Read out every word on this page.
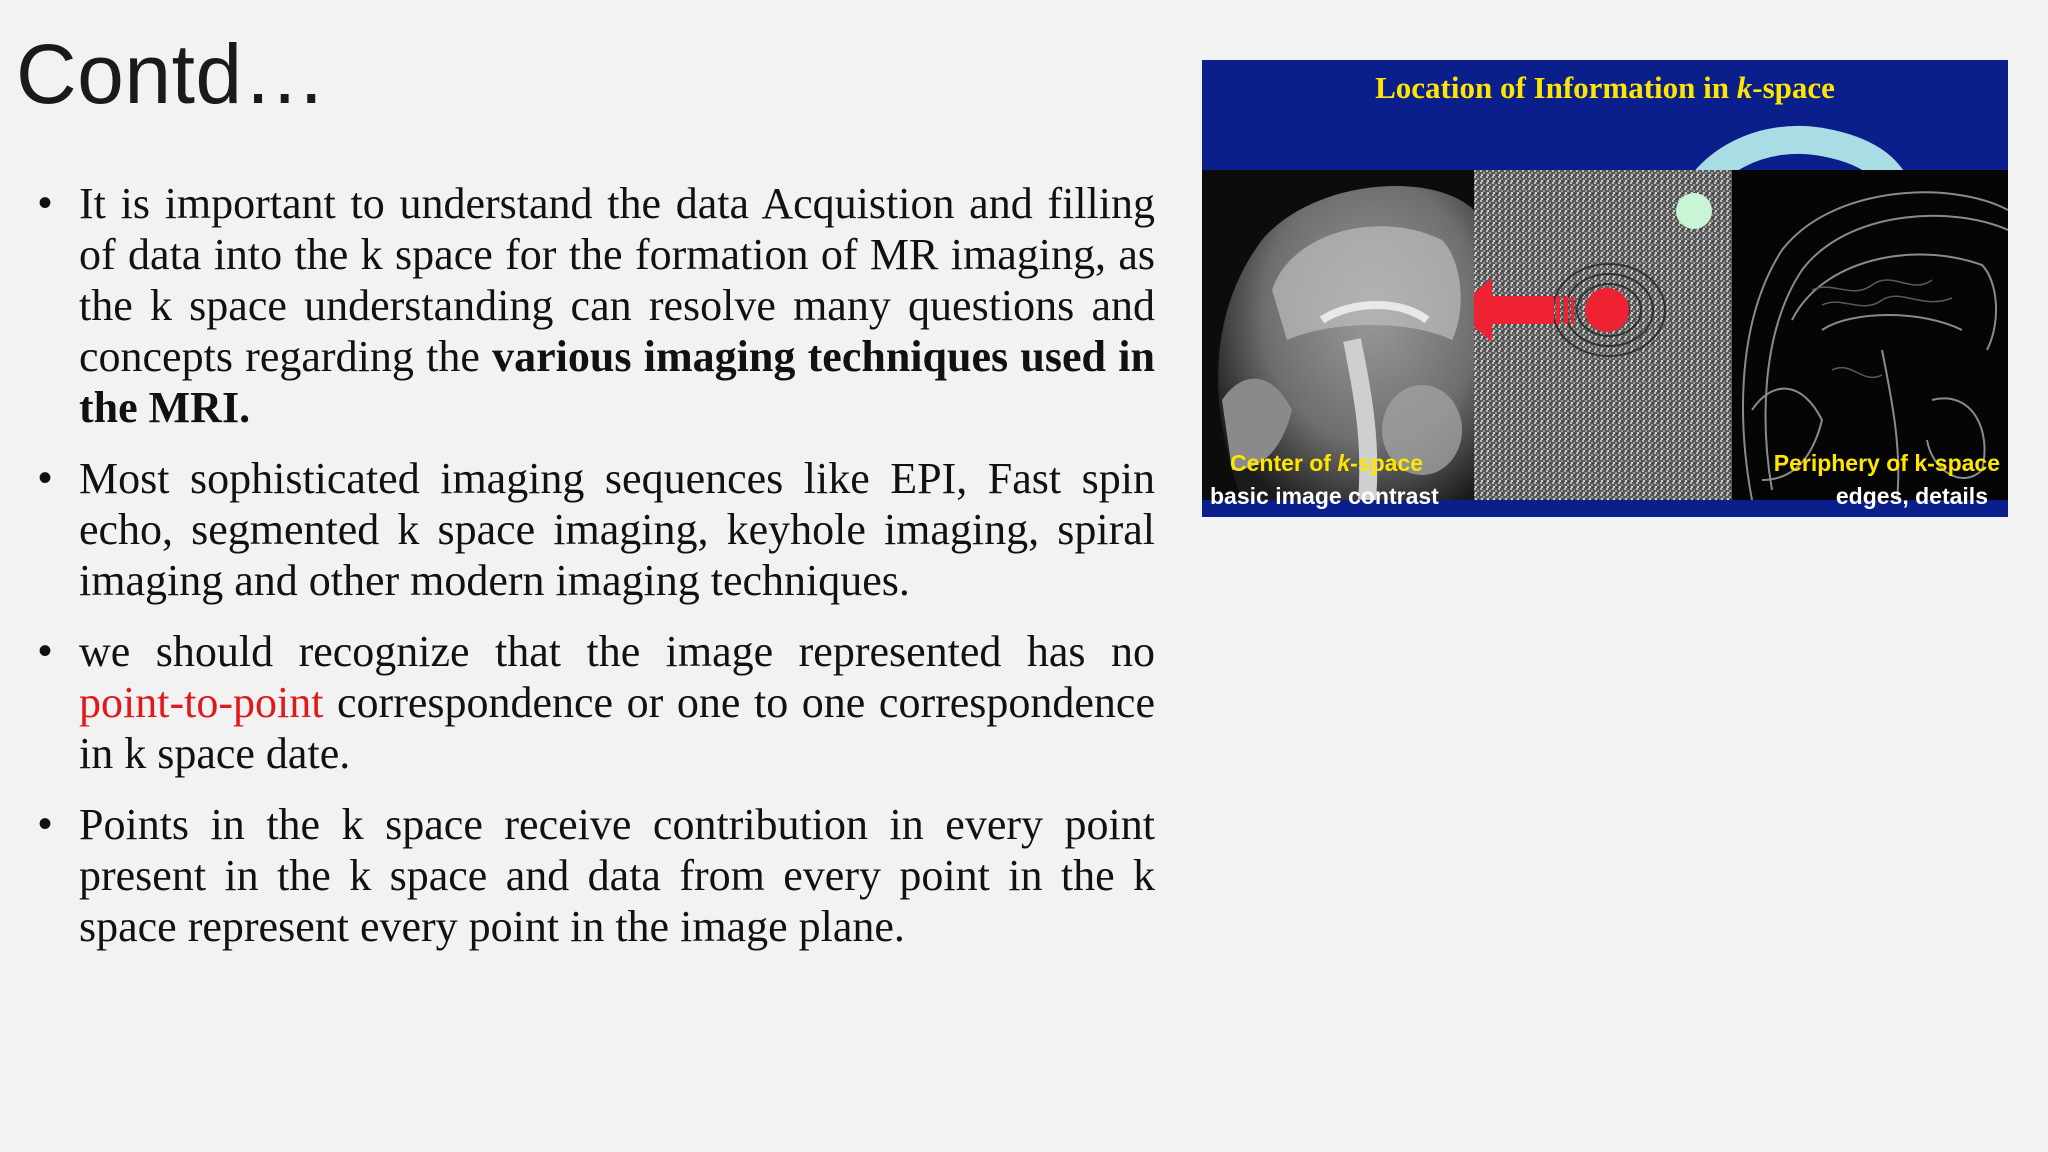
Contd…
• It is important to understand the data Acquistion and filling of data into the k space for the formation of MR imaging, as the k space understanding can resolve many questions and concepts regarding the various imaging techniques used in the MRI.
• Most sophisticated imaging sequences like EPI, Fast spin echo, segmented k space imaging, keyhole imaging, spiral imaging and other modern imaging techniques.
• we should recognize that the image represented has no point-to-point correspondence or one to one correspondence in k space date.
• Points in the k space receive contribution in every point present in the k space and data from every point in the k space represent every point in the image plane.
Location of Information in k-space
Center of k-space
basic image contrast
Periphery of k-space
edges, details
